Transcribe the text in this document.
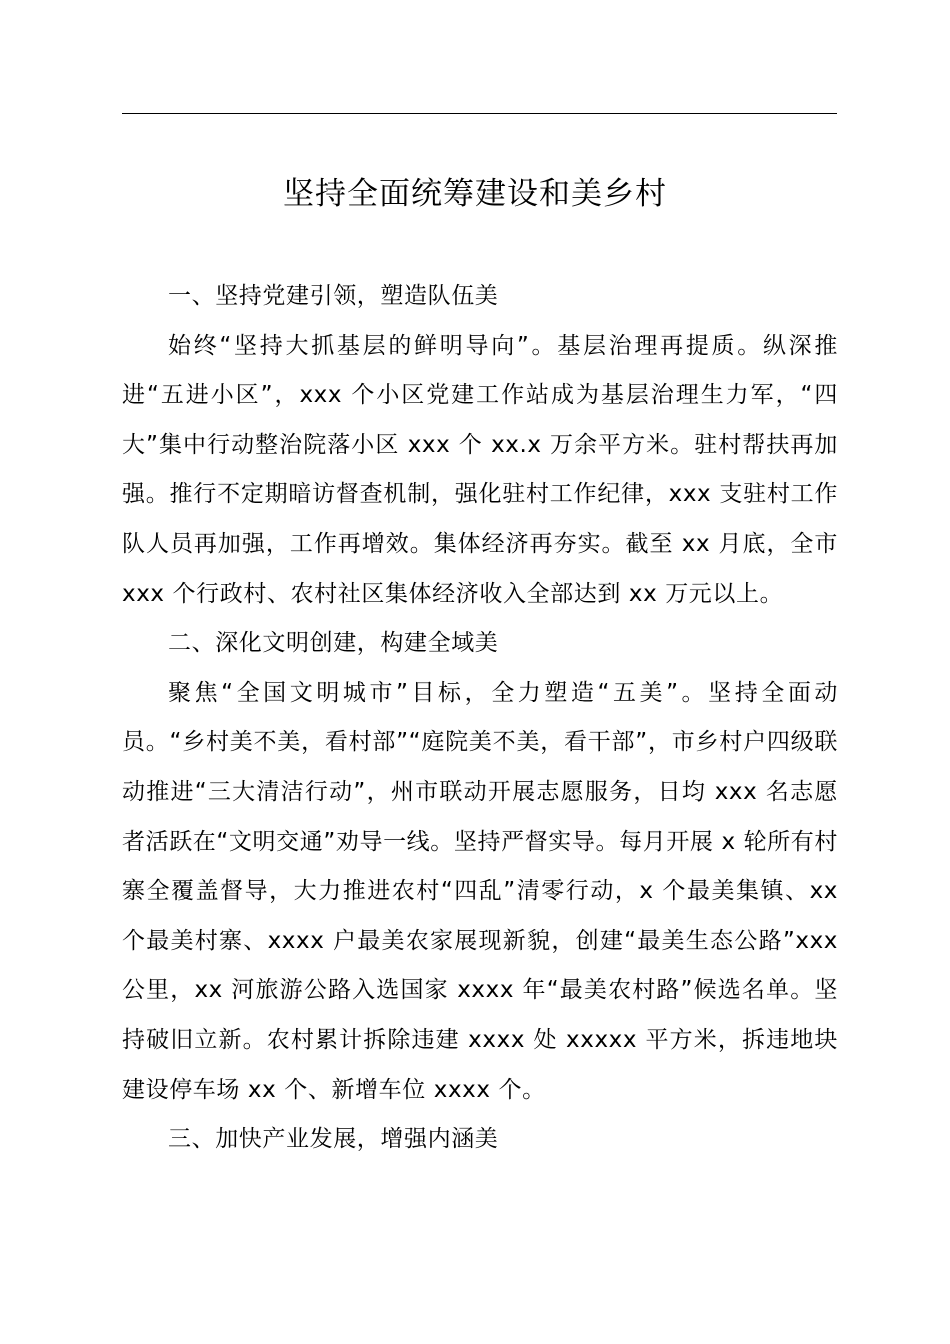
坚持全面统筹建设和美乡村

一、坚持党建引领，塑造队伍美

始终“坚持大抓基层的鲜明导向”。基层治理再提质。纵深推进“五进小区”，xxx 个小区党建工作站成为基层治理生力军，“四大”集中行动整治院落小区 xxx 个 xx.x 万余平方米。驻村帮扶再加强。推行不定期暗访督查机制，强化驻村工作纪律，xxx 支驻村工作队人员再加强，工作再增效。集体经济再夯实。截至 xx 月底，全市 xxx 个行政村、农村社区集体经济收入全部达到 xx 万元以上。

二、深化文明创建，构建全域美

聚焦“全国文明城市”目标，全力塑造“五美”。坚持全面动员。“乡村美不美，看村部”“庭院美不美，看干部”，市乡村户四级联动推进“三大清洁行动”，州市联动开展志愿服务，日均 xxx 名志愿者活跃在“文明交通”劝导一线。坚持严督实导。每月开展 x 轮所有村寨全覆盖督导，大力推进农村“四乱”清零行动，x 个最美集镇、xx 个最美村寨、xxxx 户最美农家展现新貌，创建“最美生态公路”xxx 公里，xx 河旅游公路入选国家 xxxx 年“最美农村路”候选名单。坚持破旧立新。农村累计拆除违建 xxxx 处 xxxxx 平方米，拆违地块建设停车场 xx 个、新增车位 xxxx 个。

三、加快产业发展，增强内涵美
